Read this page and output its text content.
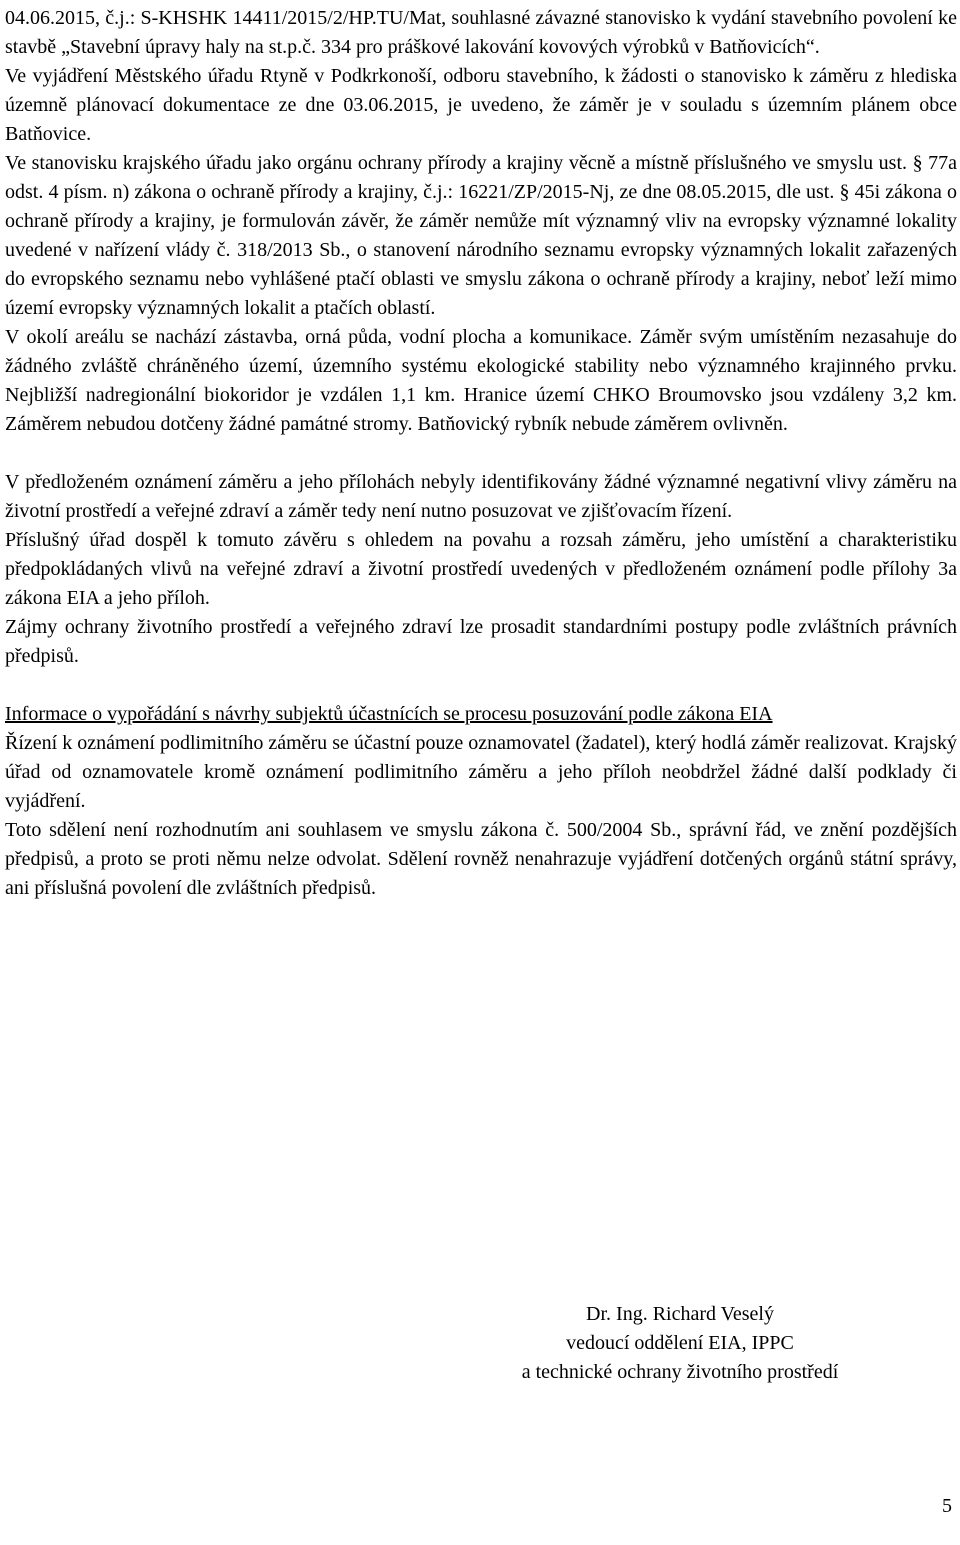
04.06.2015, č.j.: S-KHSHK 14411/2015/2/HP.TU/Mat, souhlasné závazné stanovisko k vydání stavebního povolení ke stavbě „Stavební úpravy haly na st.p.č. 334 pro práškové lakování kovových výrobků v Batňovicích“.

Ve vyjádření Městského úřadu Rtyně v Podkrkonoší, odboru stavebního, k žádosti o stanovisko k záměru z hlediska územně plánovací dokumentace ze dne 03.06.2015, je uvedeno, že záměr je v souladu s územním plánem obce Batňovice.

Ve stanovisku krajského úřadu jako orgánu ochrany přírody a krajiny věcně a místně příslušného ve smyslu ust. § 77a odst. 4 písm. n) zákona o ochraně přírody a krajiny, č.j.: 16221/ZP/2015-Nj, ze dne 08.05.2015, dle ust. § 45i zákona o ochraně přírody a krajiny, je formulován závěr, že záměr nemůže mít významný vliv na evropsky významné lokality uvedené v nařízení vlády č. 318/2013 Sb., o stanovení národního seznamu evropsky významných lokalit zařazených do evropského seznamu nebo vyhlášené ptačí oblasti ve smyslu zákona o ochraně přírody a krajiny, neboť leží mimo území evropsky významných lokalit a ptačích oblastí.

V okolí areálu se nachází zástavba, orná půda, vodní plocha a komunikace. Záměr svým umístěním nezasahuje do žádného zvláště chráněného území, územního systému ekologické stability nebo významného krajinného prvku. Nejbližší nadregionální biokoridor je vzdálen 1,1 km. Hranice území CHKO Broumovsko jsou vzdáleny 3,2 km. Záměrem nebudou dotčeny žádné památné stromy. Batňovický rybník nebude záměrem ovlivněn.

V předloženém oznámení záměru a jeho přílohách nebyly identifikovány žádné významné negativní vlivy záměru na životní prostředí a veřejné zdraví a záměr tedy není nutno posuzovat ve zjišťovacím řízení.

Příslušný úřad dospěl k tomuto závěru s ohledem na povahu a rozsah záměru, jeho umístění a charakteristiku předpokládaných vlivů na veřejné zdraví a životní prostředí uvedených v předloženém oznámení podle přílohy 3a zákona EIA a jeho příloh.

Zájmy ochrany životního prostředí a veřejného zdraví lze prosadit standardními postupy podle zvláštních právních předpisů.

Informace o vypořádání s návrhy subjektů účastnících se procesu posuzování podle zákona EIA

Řízení k oznámení podlimitního záměru se účastní pouze oznamovatel (žadatel), který hodlá záměr realizovat. Krajský úřad od oznamovatele kromě oznámení podlimitního záměru a jeho příloh neobdržel žádné další podklady či vyjádření.

Toto sdělení není rozhodnutím ani souhlasem ve smyslu zákona č. 500/2004 Sb., správní řád, ve znění pozdějších předpisů, a proto se proti němu nelze odvolat. Sdělení rovněž nenahrazuje vyjádření dotčených orgánů státní správy, ani příslušná povolení dle zvláštních předpisů.

Dr. Ing. Richard Veselý
vedoucí oddělení EIA, IPPC
a technické ochrany životního prostředí
5
